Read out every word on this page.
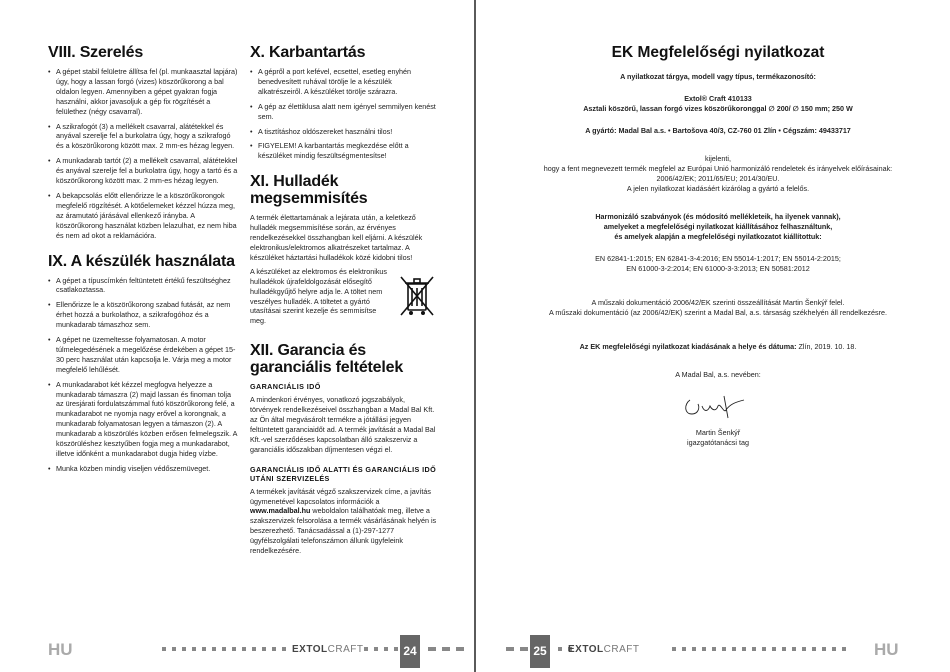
VIII. Szerelés
• A gépet stabil felületre állítsa fel (pl. munkaasztal lapjára) úgy, hogy a lassan forgó (vizes) köszörűkorong a bal oldalon legyen. Amennyiben a gépet gyakran fogja használni, akkor javasoljuk a gép fix rögzítését a felülethez (négy csavarral).
• A szikrafogót (3) a mellékelt csavarral, alátétekkel és anyával szerelje fel a burkolatra úgy, hogy a szikrafogó és a köszörűkorong között max. 2 mm-es hézag legyen.
• A munkadarab tartót (2) a mellékelt csavarral, alátétekkel és anyával szerelje fel a burkolatra úgy, hogy a tartó és a köszörűkorong között max. 2 mm-es hézag legyen.
• A bekapcsolás előtt ellenőrizze le a köszörűkorongok megfelelő rögzítését. A kötőelemeket kézzel húzza meg, az áramutató járásával ellenkező irányba. A köszörűkorong használat közben lelazulhat, ez nem hiba és nem ad okot a reklamációra.
IX. A készülék használata
• A gépet a típuscímkén feltüntetett értékű feszültséghez csatlakoztassa.
• Ellenőrizze le a köszörűkorong szabad futását, az nem érhet hozzá a burkolathoz, a szikrafogóhoz és a munkadarab támaszhoz sem.
• A gépet ne üzemeltesse folyamatosan. A motor túlmelegedésének a megelőzése érdekében a gépet 15-30 perc használat után kapcsolja le. Várja meg a motor megfelelő lehűlését.
• A munkadarabot két kézzel megfogva helyezze a munkadarab támaszra (2) majd lassan és finoman tolja az üresjárati fordulatszámmal futó köszörűkorong felé, a munkadarabot ne nyomja nagy erővel a korongnak, a munkadarab folyamatosan legyen a támaszon (2). A munkadarab a köszörülés közben erősen felmelegszik. A köszörüléshez kesztyűben fogja meg a munkadarabot, illetve időnként a munkadarabot dugja hideg vízbe.
• Munka közben mindig viseljen védőszemüveget.
X. Karbantartás
• A gépről a port kefével, ecsettel, esetleg enyhén benedvesített ruhával törölje le a készülék alkatrészeiről. A készüléket törölje szárazra.
• A gép az élettiklusa alatt nem igényel semmilyen kenést sem.
• A tisztításhoz oldószereket használni tilos!
• FIGYELEM! A karbantartás megkezdése előtt a készüléket mindig feszültségmentesítse!
XI. Hulladék megsemmisítés

A termék élettartamának a lejárata után, a keletkező hulladék megsemmisítése során, az érvényes rendelkezésekkel összhangban kell eljárni. A készülék elektronikus/elektromos alkatrészeket tartalmaz. A készüléket háztartási hulladékok közé kidobni tilos!

A készüléket az elektromos és elektronikus hulladékok újrafeldolgozását elősegítő hulladékgyűjtő helyre adja le. A töltet nem veszélyes hulladék. A töltetet a gyártó utasításai szerint kezelje és semmisítse meg.

XII. Garancia és garanciális feltételek
GARANCIÁLIS IDŐ

A mindenkori érvényes, vonatkozó jogszabályok, törvények rendelkezéseivel összhangban a Madal Bal Kft. az Ön által megvásárolt termékre a jótállási jegyen feltüntetett garanciaidőt ad. A termék javítását a Madal Bal Kft.-vel szerződéses kapcsolatban álló szakszerviz a garanciális időszakban díjmentesen végzi el.

GARANCIÁLIS IDŐ ALATTI ÉS GARANCIÁLIS IDŐ UTÁNI SZERVIZELÉS

A termékek javítását végző szakszervizek címe, a javítás ügymenetével kapcsolatos információk a www.madalbal.hu weboldalon találhatóak meg, illetve a szakszervizek felsorolása a termék vásárlásának helyén is beszerezhető. Tanácsadással a (1)-297-1277 ügyfélszolgálati telefonszámon állunk ügyfeleink rendelkezésére.

HU	EXTOLCRAFT	24
EK Megfelelőségi nyilatkozat

A nyilatkozat tárgya, modell vagy típus, termékazonosító:

Extol® Craft 410133

Asztali köszörű, lassan forgó vizes köszörűkoronggal ∅ 200/ ∅ 150 mm; 250 W

A gyártó: Madal Bal a.s. • Bartošova 40/3, CZ-760 01 Zlín • Cégszám: 49433717

kijelenti,

hogy a fent megnevezett termék megfelel az Európai Unió harmonizáló rendeletek és irányelvek előírásainak:

2006/42/EK; 2011/65/EU; 2014/30/EU.

A jelen nyilatkozat kiadásáért kizárólag a gyártó a felelős.

Harmonizáló szabványok (és módosító mellékleteik, ha ilyenek vannak),

amelyeket a megfelelőségi nyilatkozat kiállításához felhasználtunk,

és amelyek alapján a megfelelőségi nyilatkozatot kiállítottuk:

EN 62841-1:2015; EN 62841-3-4:2016; EN 55014-1:2017; EN 55014-2:2015;

EN 61000-3-2:2014; EN 61000-3-3:2013; EN 50581:2012

A műszaki dokumentáció 2006/42/EK szerinti összeállítását Martin Šenkýř felel.

A műszaki dokumentáció (az 2006/42/EK) szerint a Madal Bal, a.s. társaság székhelyén áll rendelkezésre.

Az EK megfelelőségi nyilatkozat kiadásának a helye és dátuma: Zlín, 2019. 10. 18.

A Madal Bal, a.s. nevében:

Martin Šenkýř

igazgatótanácsi tag

25	EXTOLCRAFT	HU
